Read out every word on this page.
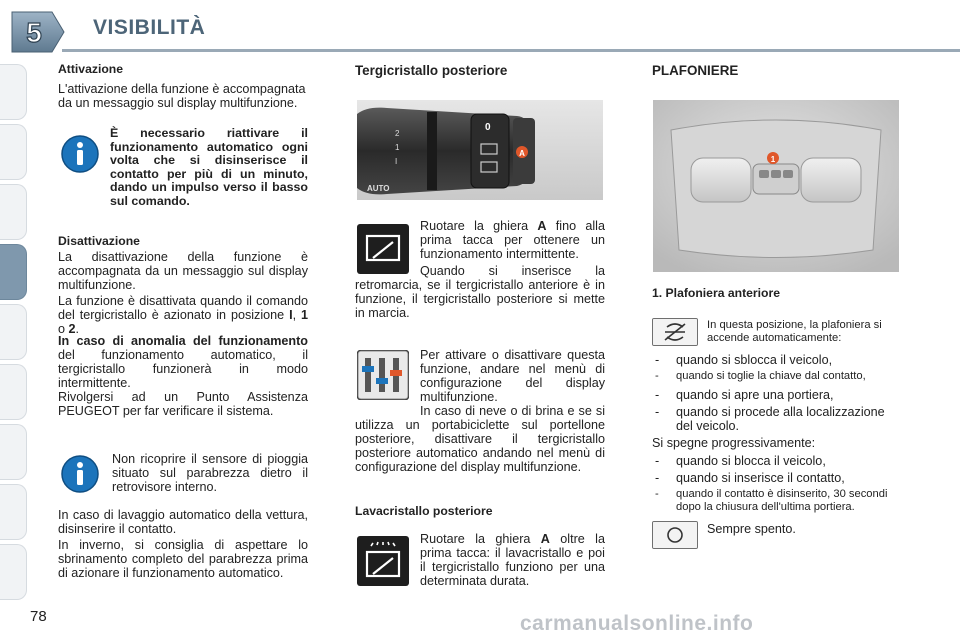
5 VISIBILITÀ
Attivazione

L'attivazione della funzione è accompagnata da un messaggio sul display multifunzione.

È necessario riattivare il funzionamento automatico ogni volta che si disinserisce il contatto per più di un minuto, dando un impulso verso il basso sul comando.

Disattivazione

La disattivazione della funzione è accompagnata da un messaggio sul display multifunzione.

La funzione è disattivata quando il comando del tergicristallo è azionato in posizione I, 1 o 2.

In caso di anomalia del funzionamento del funzionamento automatico, il tergicristallo funzionerà in modo intermittente.

Rivolgersi ad un Punto Assistenza PEUGEOT per far verificare il sistema.

Non ricoprire il sensore di pioggia situato sul parabrezza dietro il retrovisore interno.

In caso di lavaggio automatico della vettura, disinserire il contatto.

In inverno, si consiglia di aspettare lo sbrinamento completo del parabrezza prima di azionare il funzionamento automatico.

Tergicristallo posteriore
A
2
1
I
AUTO
0

Ruotare la ghiera A fino alla prima tacca per ottenere un funzionamento intermittente.

Quando si inserisce la retromarcia, se il tergicristallo anteriore è in funzione, il tergicristallo posteriore si mette in marcia.

Per attivare o disattivare questa funzione, andare nel menù di configurazione del display multifunzione.

In caso di neve o di brina e se si utilizza un portabiciclette sul portellone posteriore, disattivare il tergicristallo posteriore automatico andando nel menù di configurazione del display multifunzione.

Lavacristallo posteriore

Ruotare la ghiera A oltre la prima tacca: il lavacristallo e poi il tergicristallo funziono per una determinata durata.

PLAFONIERE
1
1. Plafoniera anteriore

In questa posizione, la plafoniera si accende automaticamente:

- quando si sblocca il veicolo,
- quando si toglie la chiave dal contatto,
- quando si apre una portiera,
- quando si procede alla localizzazione del veicolo.

Si spegne progressivamente:

- quando si blocca il veicolo,
- quando si inserisce il contatto,
- quando il contatto è disinserito, 30 secondi dopo la chiusura dell'ultima portiera.

Sempre spento.

78	carmanualsonline.info
